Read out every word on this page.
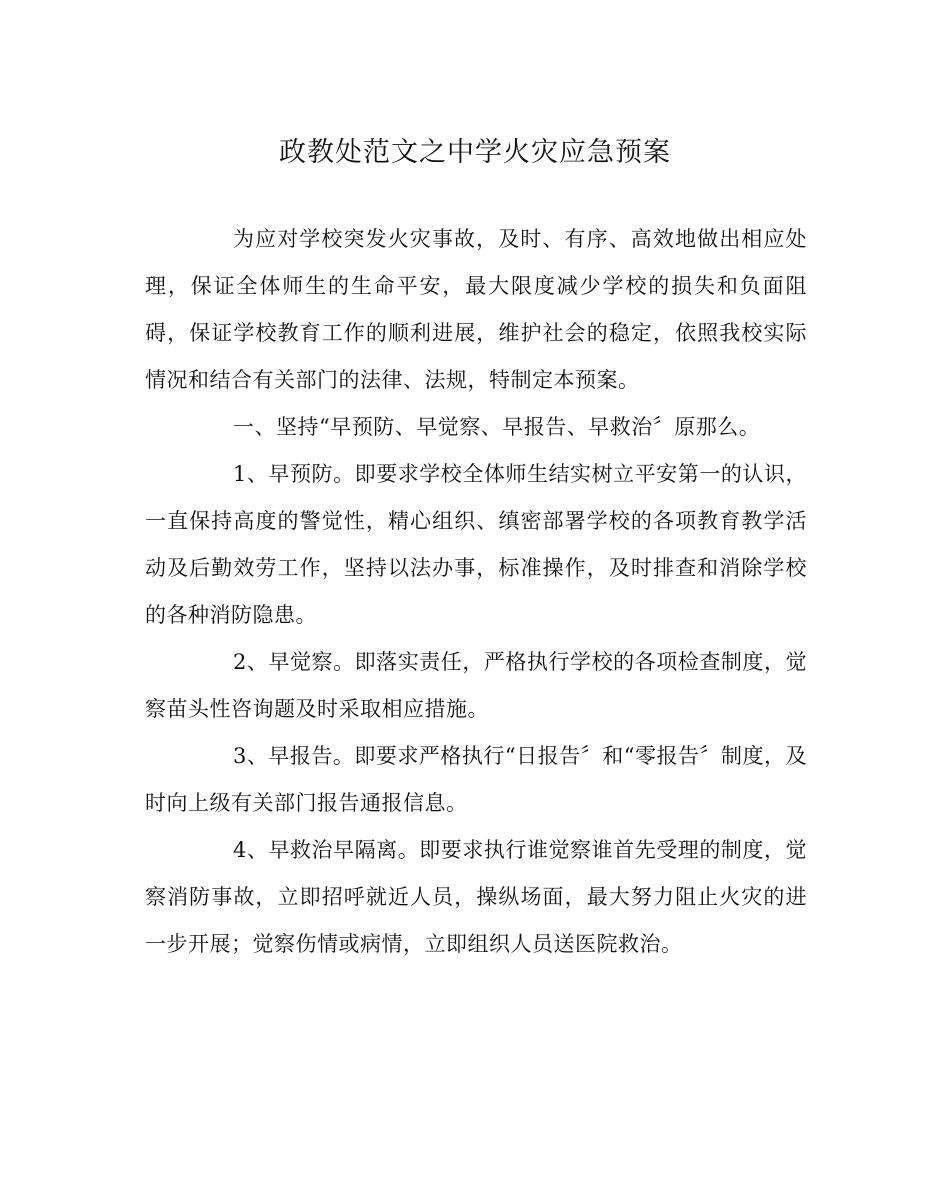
政教处范文之中学火灾应急预案

为应对学校突发火灾事故，及时、有序、高效地做出相应处理，保证全体师生的生命平安，最大限度减少学校的损失和负面阻碍，保证学校教育工作的顺利进展，维护社会的稳定，依照我校实际情况和结合有关部门的法律、法规，特制定本预案。

一、坚持“早预防、早觉察、早报告、早救治〞原那么。

1、早预防。即要求学校全体师生结实树立平安第一的认识，一直保持高度的警觉性，精心组织、缜密部署学校的各项教育教学活动及后勤效劳工作，坚持以法办事，标准操作，及时排查和消除学校的各种消防隐患。

2、早觉察。即落实责任，严格执行学校的各项检查制度，觉察苗头性咨询题及时采取相应措施。

3、早报告。即要求严格执行“日报告〞和“零报告〞制度，及时向上级有关部门报告通报信息。

4、早救治早隔离。即要求执行谁觉察谁首先受理的制度，觉察消防事故，立即招呼就近人员，操纵场面，最大努力阻止火灾的进一步开展；觉察伤情或病情，立即组织人员送医院救治。
